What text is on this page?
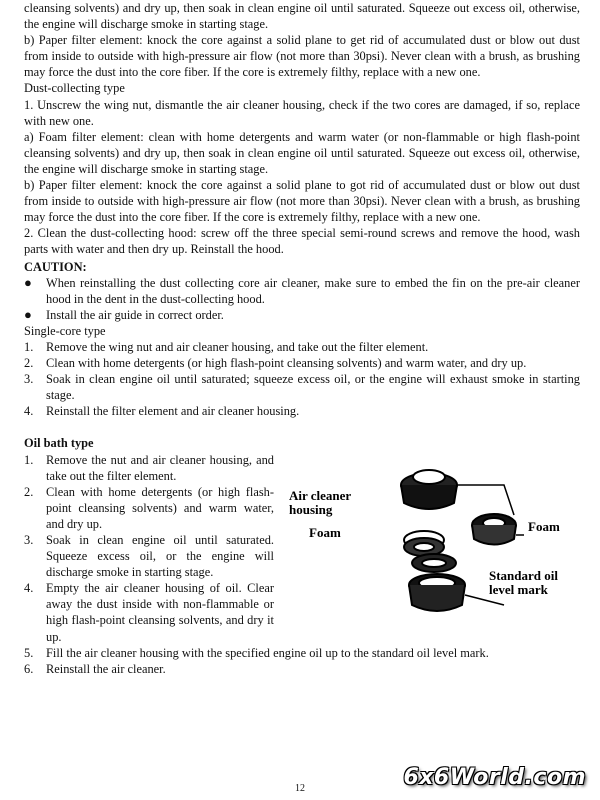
cleansing solvents) and dry up, then soak in clean engine oil until saturated. Squeeze out excess oil, otherwise, the engine will discharge smoke in starting stage.

b) Paper filter element: knock the core against a solid plane to get rid of accumulated dust or blow out dust from inside to outside with high-pressure air flow (not more than 30psi). Never clean with a brush, as brushing may force the dust into the core fiber. If the core is extremely filthy, replace with a new one.

Dust-collecting type

1. Unscrew the wing nut, dismantle the air cleaner housing, check if the two cores are damaged, if so, replace with new one.

a) Foam filter element: clean with home detergents and warm water (or non-flammable or high flash-point cleansing solvents) and dry up, then soak in clean engine oil until saturated. Squeeze out excess oil, otherwise, the engine will discharge smoke in starting stage.

b) Paper filter element: knock the core against a solid plane to got rid of accumulated dust or blow out dust from inside to outside with high-pressure air flow (not more than 30psi). Never clean with a brush, as brushing may force the dust into the core fiber. If the core is extremely filthy, replace with a new one.

2. Clean the dust-collecting hood: screw off the three special semi-round screws and remove the hood, wash parts with water and then dry up. Reinstall the hood.

CAUTION:

●	When reinstalling the dust collecting core air cleaner, make sure to embed the fin on the pre-air cleaner hood in the dent in the dust-collecting hood.
●	Install the air guide in correct order.

Single-core type

1.	Remove the wing nut and air cleaner housing, and take out the filter element.
2.	Clean with home detergents (or high flash-point cleansing solvents) and warm water, and dry up.
3.	Soak in clean engine oil until saturated; squeeze excess oil, or the engine will exhaust smoke in starting stage.
4.	Reinstall the filter element and air cleaner housing.

Oil bath type

1.	Remove the nut and air cleaner housing, and take out the filter element.
2.	Clean with home detergents (or high flash-point cleansing solvents) and warm water, and dry up.
3.	Soak in clean engine oil until saturated. Squeeze excess oil, or the engine will discharge smoke in starting stage.
4.	Empty the air cleaner housing of oil. Clear away the dust inside with non-flammable or high flash-point cleansing solvents, and dry it up.
5.	Fill the air cleaner housing with the specified engine oil up to the standard oil level mark.
6.	Reinstall the air cleaner.
Air cleaner
housing
Foam	Foam
Standard oil
level mark
12	6x6World.com
